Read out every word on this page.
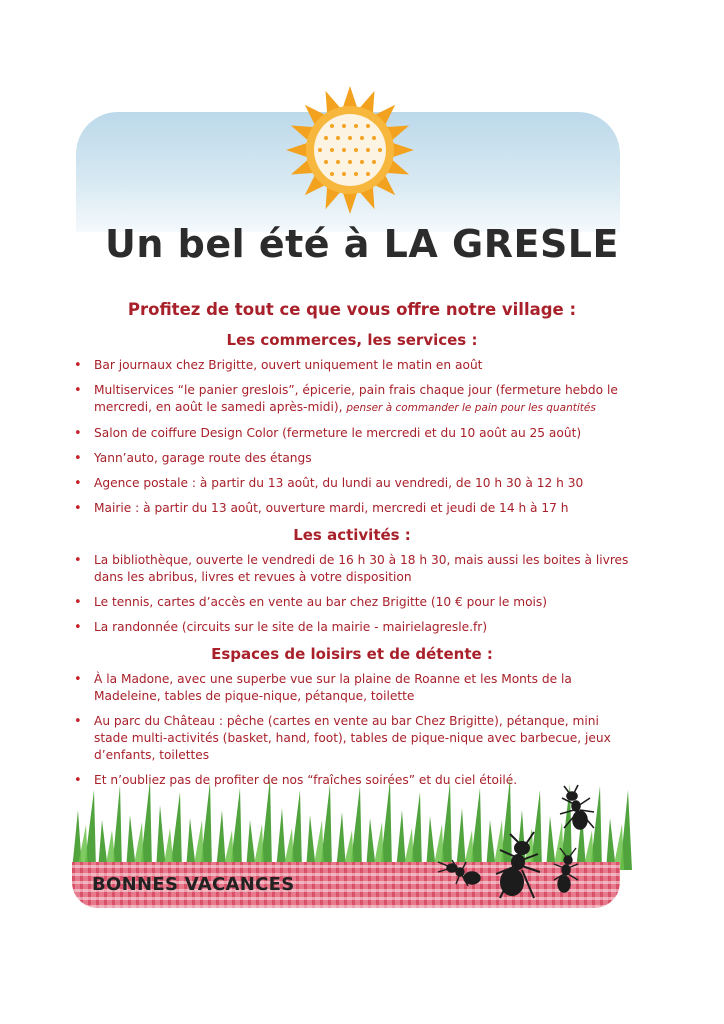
Un bel été à LA GRESLE

Profitez de tout ce que vous offre notre village :

Les commerces, les services :

• Bar journaux chez Brigitte, ouvert uniquement le matin en août
• Multiservices “le panier greslois”, épicerie, pain frais chaque jour (fermeture hebdo le mercredi, en août le samedi après-midi), penser à commander le pain pour les quantités
• Salon de coiffure Design Color (fermeture le mercredi et du 10 août au 25 août)
• Yann’auto, garage route des étangs
• Agence postale : à partir du 13 août, du lundi au vendredi, de 10 h 30 à 12 h 30
• Mairie : à partir du 13 août, ouverture mardi, mercredi et jeudi de 14 h à 17 h

Les activités :

• La bibliothèque, ouverte le vendredi de 16 h 30 à 18 h 30, mais aussi les boites à livres dans les abribus, livres et revues à votre disposition
• Le tennis, cartes d’accès en vente au bar chez Brigitte (10 € pour le mois)
• La randonnée (circuits sur le site de la mairie - mairielagresle.fr)

Espaces de loisirs et de détente :

• À la Madone, avec une superbe vue sur la plaine de Roanne et les Monts de la Madeleine, tables de pique-nique, pétanque, toilette
• Au parc du Château : pêche (cartes en vente au bar Chez Brigitte), pétanque, mini stade multi-activités (basket, hand, foot), tables de pique-nique avec barbecue, jeux d’enfants, toilettes
• Et n’oubliez pas de profiter de nos “fraîches soirées” et du ciel étoilé.
BONNES VACANCES
